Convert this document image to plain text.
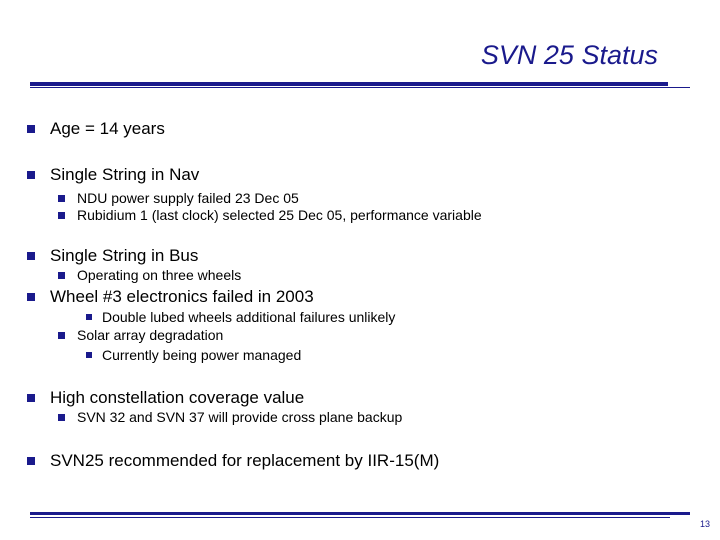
SVN 25 Status
Age = 14 years
Single String in Nav
NDU power supply failed 23 Dec 05
Rubidium 1 (last clock) selected 25 Dec 05, performance variable
Single String in Bus
Operating on three wheels
Wheel #3 electronics failed in 2003
Double lubed wheels additional failures unlikely
Solar array degradation
Currently being power managed
High constellation coverage value
SVN 32 and SVN 37 will provide cross plane backup
SVN25 recommended for replacement by IIR-15(M)
13
